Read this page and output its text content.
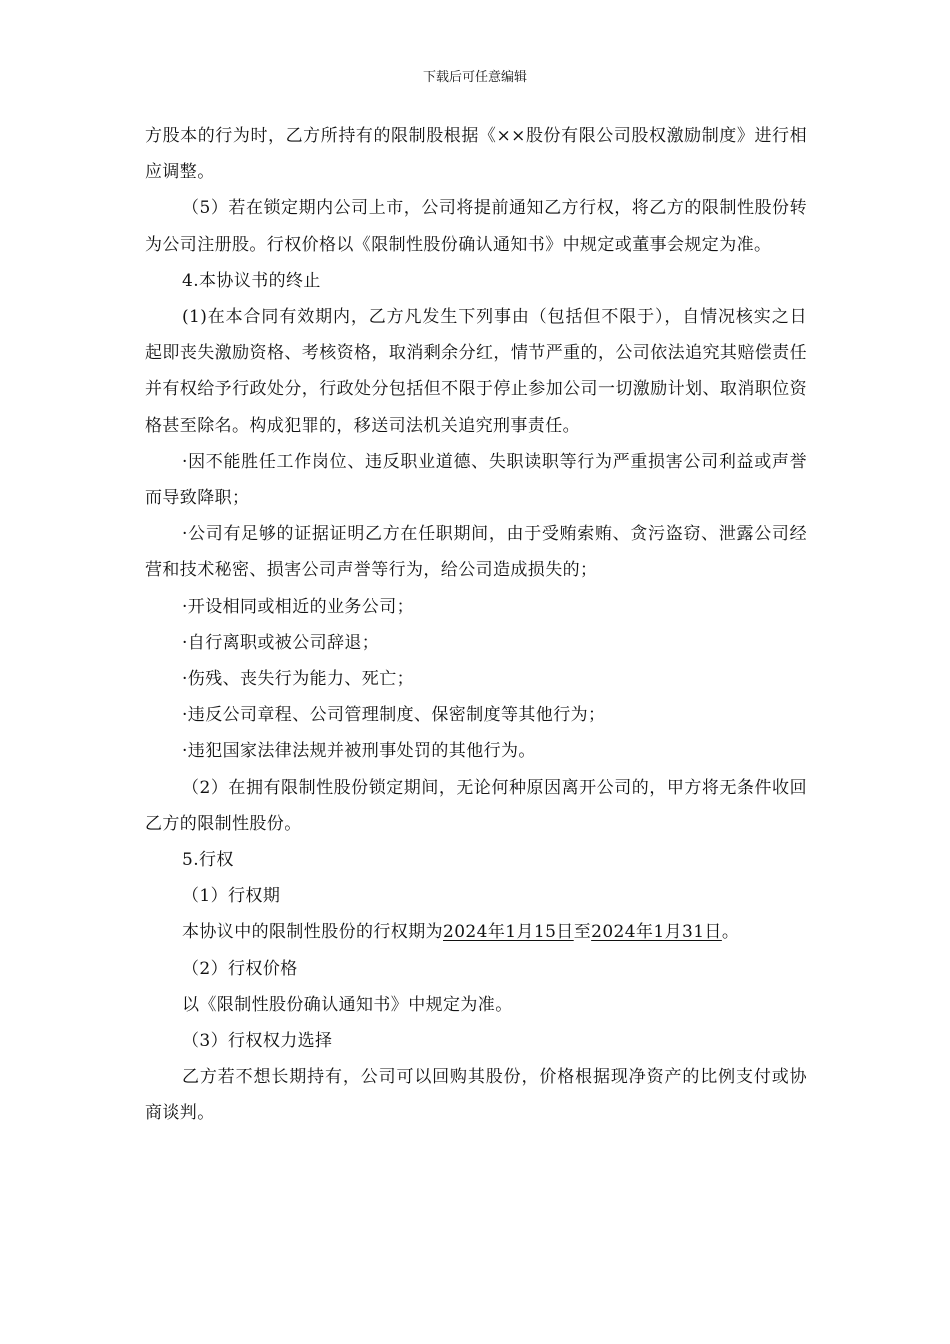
下载后可任意编辑

方股本的行为时，乙方所持有的限制股根据《××股份有限公司股权激励制度》进行相应调整。

（5）若在锁定期内公司上市，公司将提前通知乙方行权，将乙方的限制性股份转为公司注册股。行权价格以《限制性股份确认通知书》中规定或董事会规定为准。

4.本协议书的终止

(1)在本合同有效期内，乙方凡发生下列事由（包括但不限于），自情况核实之日起即丧失激励资格、考核资格，取消剩余分红，情节严重的，公司依法追究其赔偿责任并有权给予行政处分，行政处分包括但不限于停止参加公司一切激励计划、取消职位资格甚至除名。构成犯罪的，移送司法机关追究刑事责任。

·因不能胜任工作岗位、违反职业道德、失职读职等行为严重损害公司利益或声誉而导致降职；

·公司有足够的证据证明乙方在任职期间，由于受贿索贿、贪污盗窃、泄露公司经营和技术秘密、损害公司声誉等行为，给公司造成损失的；

·开设相同或相近的业务公司；

·自行离职或被公司辞退；

·伤残、丧失行为能力、死亡；

·违反公司章程、公司管理制度、保密制度等其他行为；

·违犯国家法律法规并被刑事处罚的其他行为。

（2）在拥有限制性股份锁定期间，无论何种原因离开公司的，甲方将无条件收回乙方的限制性股份。

5.行权

（1）行权期

本协议中的限制性股份的行权期为2024年1月15日至2024年1月31日。

（2）行权价格

以《限制性股份确认通知书》中规定为准。

（3）行权权力选择

乙方若不想长期持有，公司可以回购其股份，价格根据现净资产的比例支付或协商谈判。
